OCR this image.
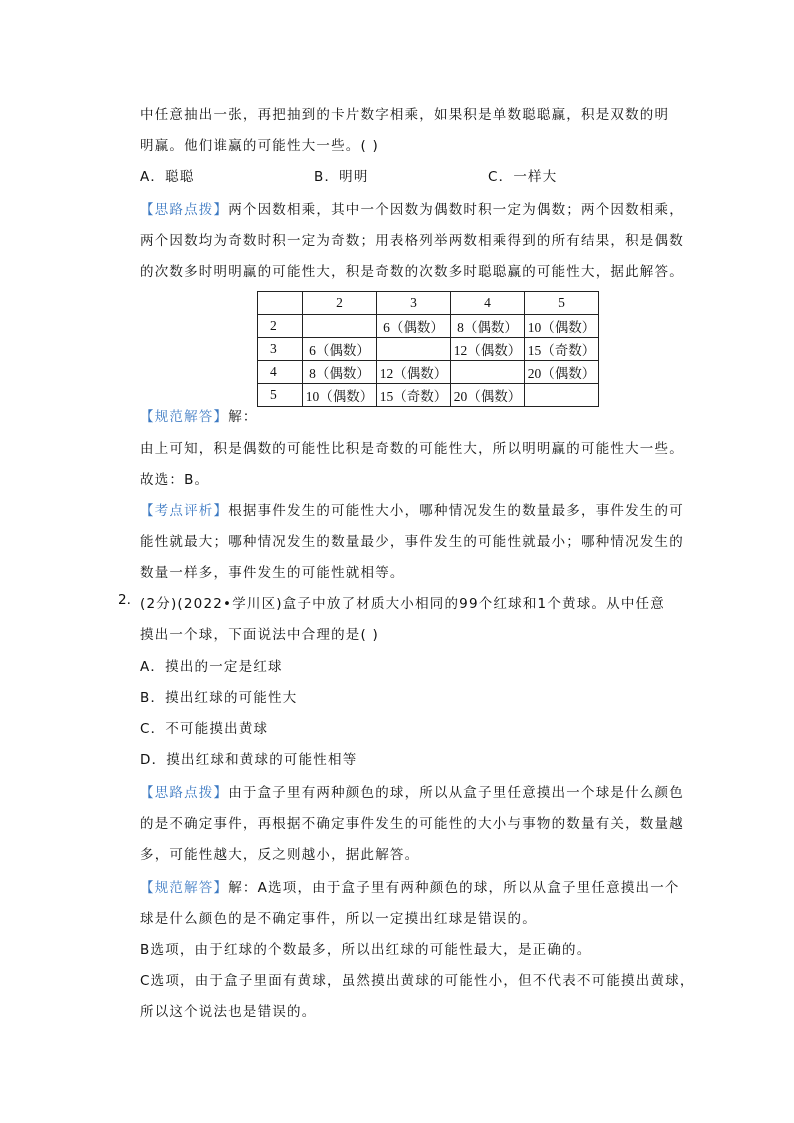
中任意抽出一张，再把抽到的卡片数字相乘，如果积是单数聪聪赢，积是双数的明
明赢。他们谁赢的可能性大一些。( )
A．聪聪	B．明明	C．一样大
【思路点拨】两个因数相乘，其中一个因数为偶数时积一定为偶数；两个因数相乘，
两个因数均为奇数时积一定为奇数；用表格列举两数相乘得到的所有结果，积是偶数
的次数多时明明赢的可能性大，积是奇数的次数多时聪聪赢的可能性大，据此解答。
	2	3	4	5
2		6（偶数）	8（偶数）	10（偶数）
3	6（偶数）		12（偶数）	15（奇数）
4	8（偶数）	12（偶数）		20（偶数）
5	10（偶数）	15（奇数）	20（偶数）	
【规范解答】解：
由上可知，积是偶数的可能性比积是奇数的可能性大，所以明明赢的可能性大一些。
故选：B。
【考点评析】根据事件发生的可能性大小，哪种情况发生的数量最多，事件发生的可
能性就最大；哪种情况发生的数量最少，事件发生的可能性就最小；哪种情况发生的
数量一样多，事件发生的可能性就相等。
2. (2分)(2022•学川区)盒子中放了材质大小相同的99个红球和1个黄球。从中任意
摸出一个球，下面说法中合理的是( )
A．摸出的一定是红球
B．摸出红球的可能性大
C．不可能摸出黄球
D．摸出红球和黄球的可能性相等
【思路点拨】由于盒子里有两种颜色的球，所以从盒子里任意摸出一个球是什么颜色
的是不确定事件，再根据不确定事件发生的可能性的大小与事物的数量有关，数量越
多，可能性越大，反之则越小，据此解答。
【规范解答】解：A选项，由于盒子里有两种颜色的球，所以从盒子里任意摸出一个
球是什么颜色的是不确定事件，所以一定摸出红球是错误的。
B选项，由于红球的个数最多，所以出红球的可能性最大，是正确的。
C选项，由于盒子里面有黄球，虽然摸出黄球的可能性小，但不代表不可能摸出黄球，
所以这个说法也是错误的。
